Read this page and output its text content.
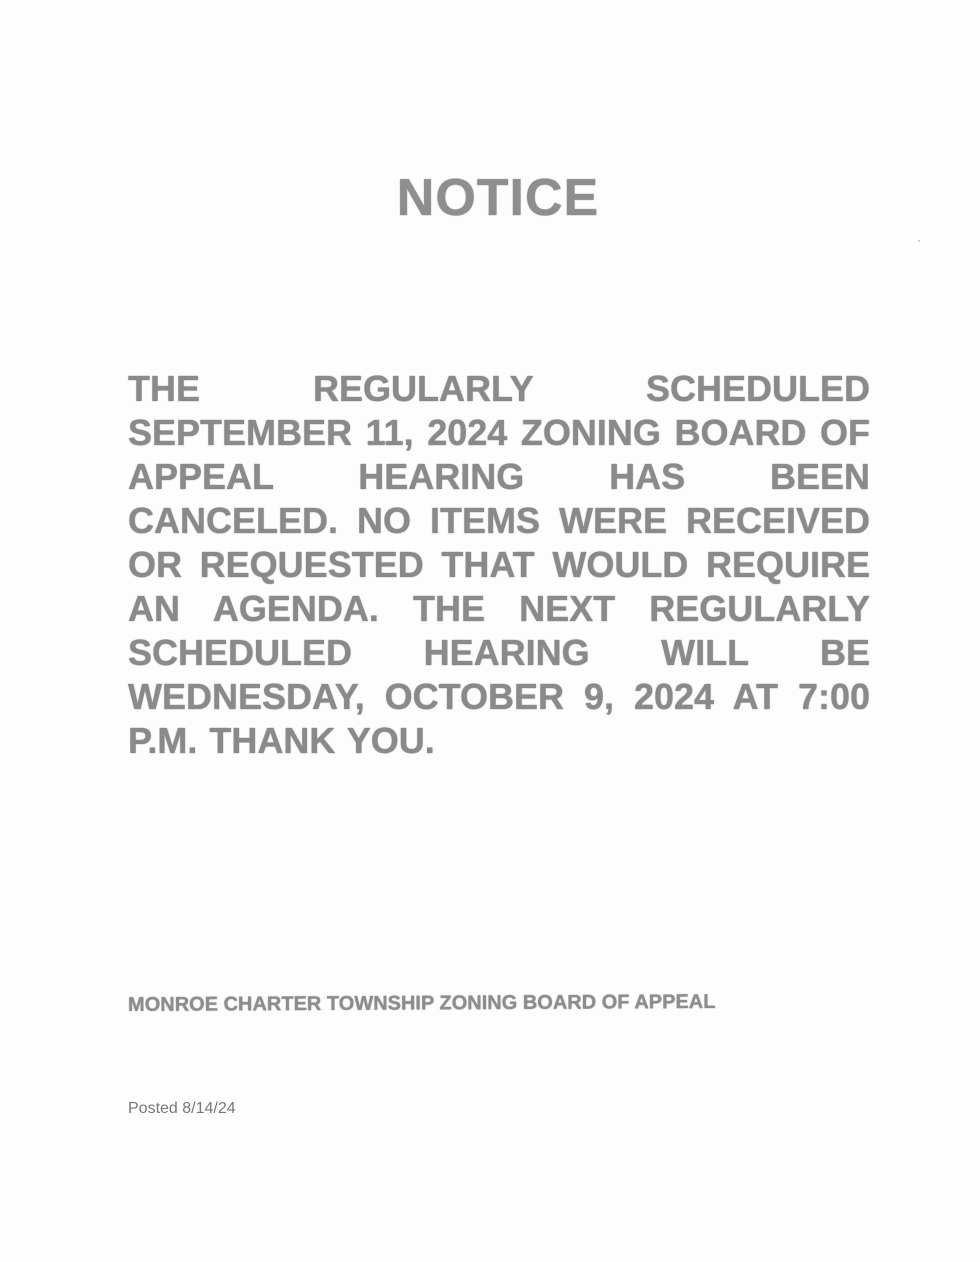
NOTICE
THE REGULARLY SCHEDULED SEPTEMBER 11, 2024 ZONING BOARD OF APPEAL HEARING HAS BEEN CANCELED. NO ITEMS WERE RECEIVED OR REQUESTED THAT WOULD REQUIRE AN AGENDA. THE NEXT REGULARLY SCHEDULED HEARING WILL BE WEDNESDAY, OCTOBER 9, 2024 AT 7:00 P.M. THANK YOU.
MONROE CHARTER TOWNSHIP ZONING BOARD OF APPEAL
Posted 8/14/24
